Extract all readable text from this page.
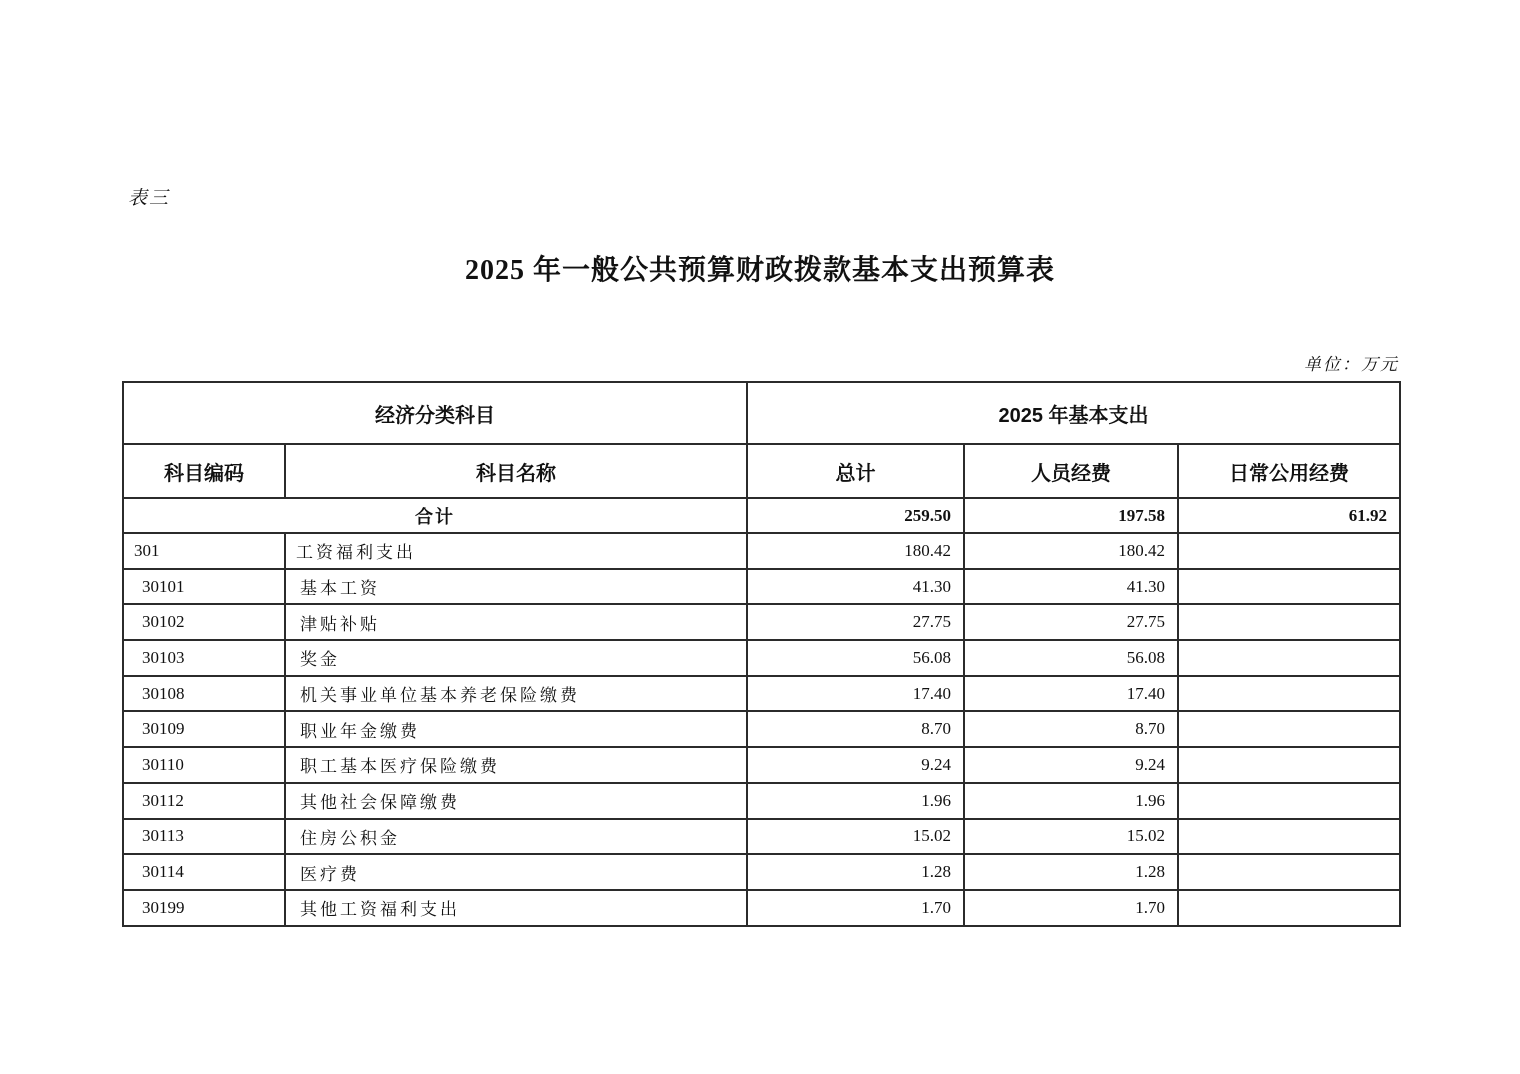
表三
2025 年一般公共预算财政拨款基本支出预算表
单位：万元
经济分类科目		2025 年基本支出		
科目编码	科目名称	总计	人员经费	日常公用经费
合计		259.50	197.58	61.92
301	工资福利支出	180.42	180.42	
30101	基本工资	41.30	41.30	
30102	津贴补贴	27.75	27.75	
30103	奖金	56.08	56.08	
30108	机关事业单位基本养老保险缴费	17.40	17.40	
30109	职业年金缴费	8.70	8.70	
30110	职工基本医疗保险缴费	9.24	9.24	
30112	其他社会保障缴费	1.96	1.96	
30113	住房公积金	15.02	15.02	
30114	医疗费	1.28	1.28	
30199	其他工资福利支出	1.70	1.70	
